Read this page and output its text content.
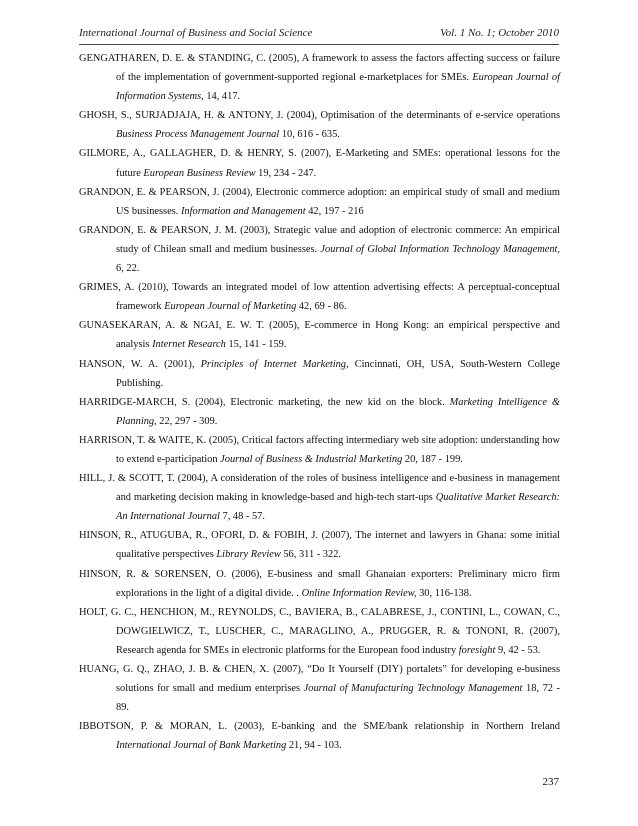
International Journal of Business and Social Science	Vol. 1 No. 1; October 2010

GENGATHAREN, D. E. & STANDING, C. (2005), A framework to assess the factors affecting success or failure of the implementation of government-supported regional e-marketplaces for SMEs. European Journal of Information Systems, 14, 417.

GHOSH, S., SURJADJAJA, H. & ANTONY, J. (2004), Optimisation of the determinants of e-service operations Business Process Management Journal 10, 616 - 635.

GILMORE, A., GALLAGHER, D. & HENRY, S. (2007), E-Marketing and SMEs: operational lessons for the future European Business Review 19, 234 - 247.

GRANDON, E. & PEARSON, J. (2004), Electronic commerce adoption: an empirical study of small and medium US businesses. Information and Management 42, 197 - 216

GRANDON, E. & PEARSON, J. M. (2003), Strategic value and adoption of electronic commerce: An empirical study of Chilean small and medium businesses. Journal of Global Information Technology Management, 6, 22.

GRIMES, A. (2010), Towards an integrated model of low attention advertising effects: A perceptual-conceptual framework European Journal of Marketing 42, 69 - 86.

GUNASEKARAN, A. & NGAI, E. W. T. (2005), E-commerce in Hong Kong: an empirical perspective and analysis Internet Research 15, 141 - 159.

HANSON, W. A. (2001), Principles of Internet Marketing, Cincinnati, OH, USA, South-Western College Publishing.

HARRIDGE-MARCH, S. (2004), Electronic marketing, the new kid on the block. Marketing Intelligence & Planning, 22, 297 - 309.

HARRISON, T. & WAITE, K. (2005), Critical factors affecting intermediary web site adoption: understanding how to extend e-participation Journal of Business & Industrial Marketing 20, 187 - 199.

HILL, J. & SCOTT, T. (2004), A consideration of the roles of business intelligence and e-business in management and marketing decision making in knowledge-based and high-tech start-ups Qualitative Market Research: An International Journal 7, 48 - 57.

HINSON, R., ATUGUBA, R., OFORI, D. & FOBIH, J. (2007), The internet and lawyers in Ghana: some initial qualitative perspectives Library Review 56, 311 - 322.

HINSON, R. & SORENSEN, O. (2006), E-business and small Ghanaian exporters: Preliminary micro firm explorations in the light of a digital divide. . Online Information Review, 30, 116-138.

HOLT, G. C., HENCHION, M., REYNOLDS, C., BAVIERA, B., CALABRESE, J., CONTINI, L., COWAN, C., DOWGIELWICZ, T., LUSCHER, C., MARAGLINO, A., PRUGGER, R. & TONONI, R. (2007), Research agenda for SMEs in electronic platforms for the European food industry foresight 9, 42 - 53.

HUANG, G. Q., ZHAO, J. B. & CHEN, X. (2007), “Do It Yourself (DIY) portalets” for developing e-business solutions for small and medium enterprises Journal of Manufacturing Technology Management 18, 72 - 89.

IBBOTSON, P. & MORAN, L. (2003), E-banking and the SME/bank relationship in Northern Ireland International Journal of Bank Marketing 21, 94 - 103.

237
